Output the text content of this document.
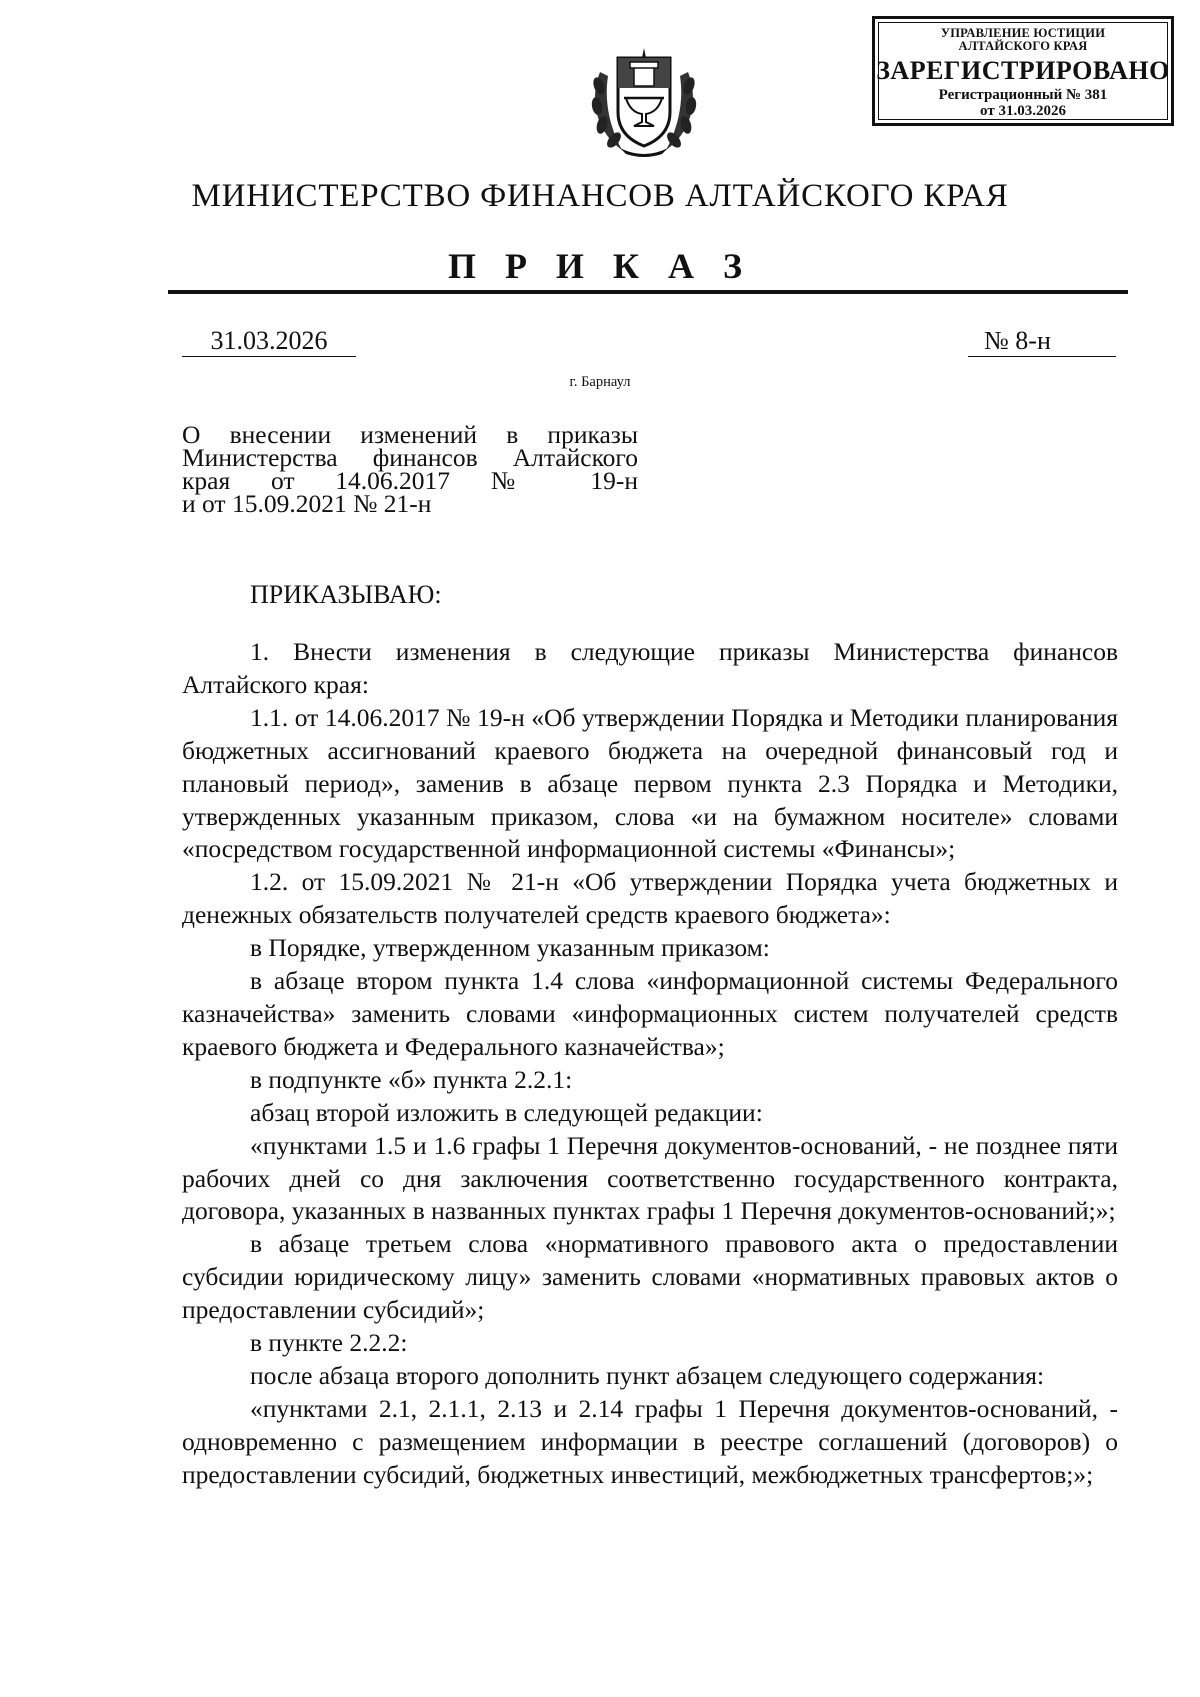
УПРАВЛЕНИЕ ЮСТИЦИИ
АЛТАЙСКОГО КРАЯ
ЗАРЕГИСТРИРОВАНО
Регистрационный № 381
от 31.03.2026
МИНИСТЕРСТВО ФИНАНСОВ АЛТАЙСКОГО КРАЯ
П Р И К А З
31.03.2026	№ 8-н
г. Барнаул
О внесении изменений в приказы
Министерства финансов Алтайского
края от 14.06.2017 № 19-н
и от 15.09.2021 № 21-н
ПРИКАЗЫВАЮ:

1. Внести изменения в следующие приказы Министерства финансов Алтайского края:

1.1. от 14.06.2017 № 19-н «Об утверждении Порядка и Методики планирования бюджетных ассигнований краевого бюджета на очередной финансовый год и плановый период», заменив в абзаце первом пункта 2.3 Порядка и Методики, утвержденных указанным приказом, слова «и на бумажном носителе» словами «посредством государственной информационной системы «Финансы»;

1.2. от 15.09.2021 № 21-н «Об утверждении Порядка учета бюджетных и денежных обязательств получателей средств краевого бюджета»:

в Порядке, утвержденном указанным приказом:

в абзаце втором пункта 1.4 слова «информационной системы Федерального казначейства» заменить словами «информационных систем получателей средств краевого бюджета и Федерального казначейства»;

в подпункте «б» пункта 2.2.1:

абзац второй изложить в следующей редакции:

«пунктами 1.5 и 1.6 графы 1 Перечня документов-оснований, - не позднее пяти рабочих дней со дня заключения соответственно государственного контракта, договора, указанных в названных пунктах графы 1 Перечня документов-оснований;»;

в абзаце третьем слова «нормативного правового акта о предоставлении субсидии юридическому лицу» заменить словами «нормативных правовых актов о предоставлении субсидий»;

в пункте 2.2.2:

после абзаца второго дополнить пункт абзацем следующего содержания:

«пунктами 2.1, 2.1.1, 2.13 и 2.14 графы 1 Перечня документов-оснований, - одновременно с размещением информации в реестре соглашений (договоров) о предоставлении субсидий, бюджетных инвестиций, межбюджетных трансфертов;»;
